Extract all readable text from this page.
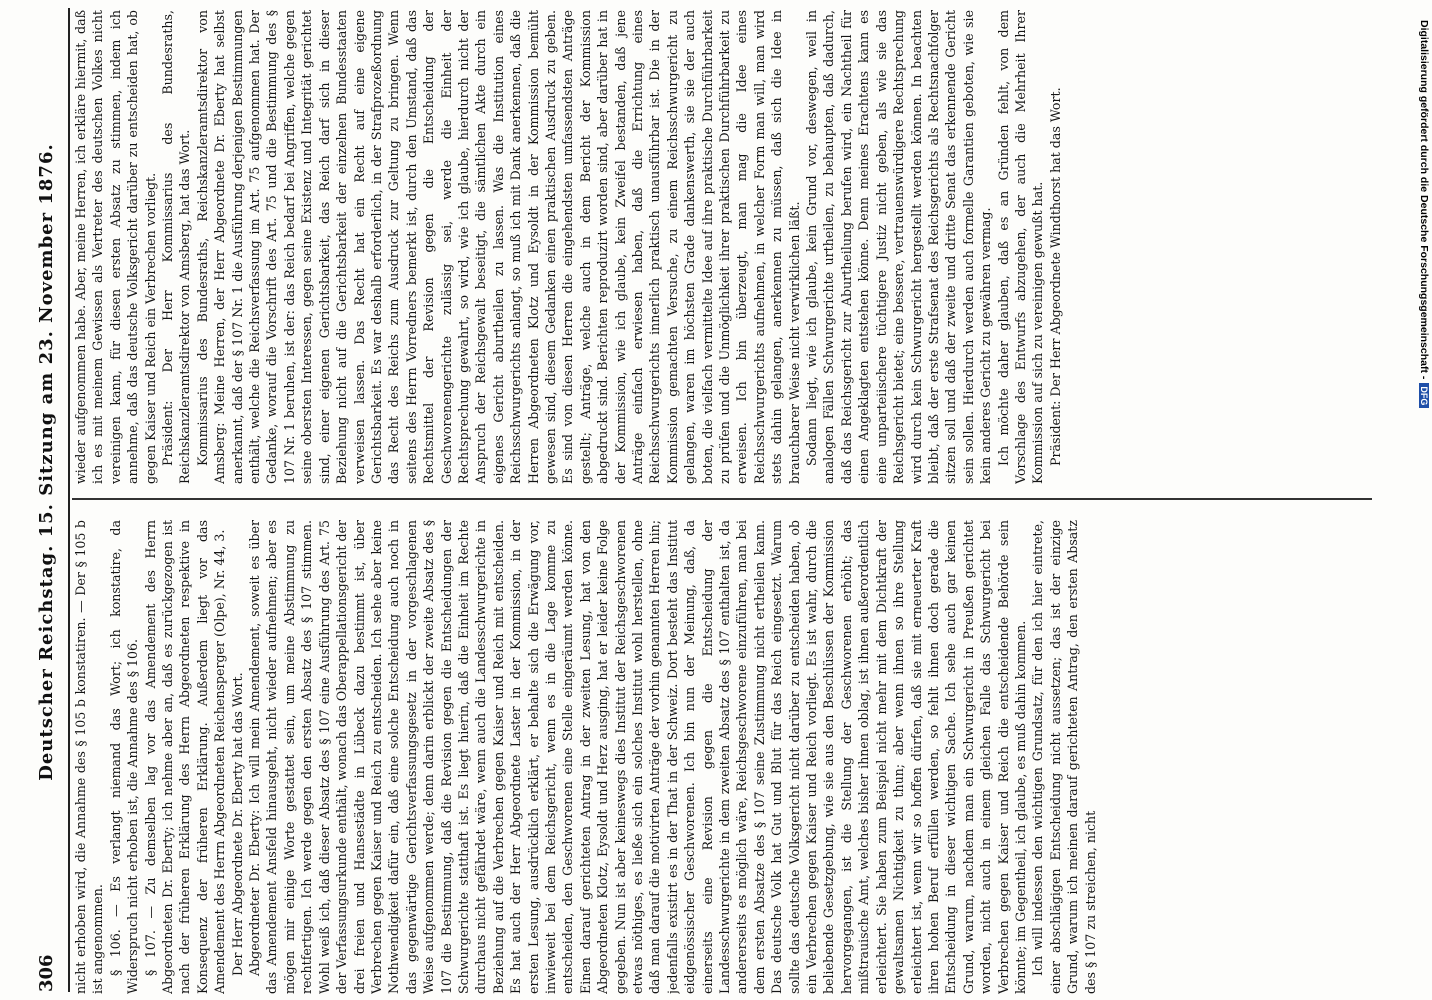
306
Deutscher Reichstag. 15. Sitzung am 23. November 1876. nicht erhoben wird, die Annahme des § 105 b konstatiren. — Der § 105 b ist angenommen. § 106. — Es verlangt niemand das Wort; ich konstatire, da Widerspruch nicht erhoben ist, die Annahme des § 106. § 107. — Zu demselben lag vor das Amendement des Herrn Abgeordneten Dr. Eberty; ich nehme aber an, daß es zurückgezogen ist nach der früheren Erklärung des Herrn Abgeordneten respektive in Konsequenz der früheren Erklärung. Außerdem liegt vor das Amendement des Herrn Abgeordneten Reichensperger (Olpe), Nr. 44, 3. Der Herr Abgeordnete Dr. Eberty hat das Wort. Abgeordneter Dr. Eberty: Ich will mein Amendement, soweit es über das Amendement Ansfeld hinausgeht, nicht wieder aufnehmen; aber es mögen mir einige Worte gestattet sein, um meine Abstimmung zu rechtfertigen. Ich werde gegen den ersten Absatz des § 107 stimmen. Wohl weiß ich, daß dieser Absatz des § 107 eine Ausführung des Art. 75 der Verfassungsurkunde enthält, wonach das Oberappellationsgericht der drei freien und Hansestädte in Lübeck dazu bestimmt ist, über Verbrechen gegen Kaiser und Reich zu entscheiden. Ich sehe aber keine Nothwendigkeit dafür ein, daß eine solche Entscheidung auch noch in das gegenwärtige Gerichtsverfassungsgesetz in der vorgeschlagenen Weise aufgenommen werde; denn darin erblickt der zweite Absatz des § 107 die Bestimmung, daß die Revision gegen die Entscheidungen der Schwurgerichte statthaft ist. Es liegt hierin, daß die Einheit im Rechte durchaus nicht gefährdet wäre, wenn auch die Landesschwurgerichte in Beziehung auf die Verbrechen gegen Kaiser und Reich mit entscheiden. Es hat auch der Herr Abgeordnete Laster in der Kommission, in der ersten Lesung, ausdrücklich erklärt, er behalte sich die Erwägung vor, inwieweit bei dem Reichsgericht, wenn es in die Lage komme zu entscheiden, den Geschworenen eine Stelle eingeräumt werden könne. Einen darauf gerichteten Antrag in der zweiten Lesung, hat von den Abgeordneten Klotz, Eysoldt und Herz ausging, hat er leider keine Folge gegeben. Nun ist aber keineswegs dies Institut der Reichsgeschworenen etwas nöthiges, es ließe sich ein solches Institut wohl herstellen, ohne daß man darauf die motivirten Anträge der vorhin genannten Herren hin; jedenfalls existirt es in der That in der Schweiz. Dort besteht das Institut eidgenössischer Geschworenen. Ich bin nun der Meinung, daß, da einerseits eine Revision gegen die Entscheidung der Landesschwurgerichte in dem zweiten Absatz des § 107 enthalten ist, da andererseits es möglich wäre, Reichsgeschworene einzuführen, man bei dem ersten Absatze des § 107 seine Zustimmung nicht ertheilen kann. Das deutsche Volk hat Gut und Blut für das Reich eingesetzt. Warum sollte das deutsche Volksgericht nicht darüber zu entscheiden haben, ob ein Verbrechen gegen Kaiser und Reich vorliegt. Es ist wahr, durch die beliebende Gesetzgebung, wie sie aus den Beschlüssen der Kommission hervorgegangen, ist die Stellung der Geschworenen erhöht; das mißtrauische Amt, welches bisher ihnen oblag, ist ihnen außerordentlich erleichtert. Sie haben zum Beispiel nicht mehr mit dem Dichtkraft der gewaltsamen Nichtigkeit zu thun; aber wenn ihnen so ihre Stellung erleichtert ist, wenn wir so hoffen dürfen, daß sie mit erneuerter Kraft ihren hohen Beruf erfüllen werden, so fehlt ihnen doch gerade die Entscheidung in dieser wichtigen Sache. Ich sehe auch gar keinen Grund, warum, nachdem man ein Schwurgericht in Preußen gerichtet worden, nicht auch in einem gleichen Falle das Schwurgericht bei Verbrechen gegen Kaiser und Reich die entscheidende Behörde sein könnte; im Gegentheil, ich glaube, es muß dahin kommen. Ich will indessen den wichtigen Grundsatz, für den ich hier eintrete, einer abschlägigen Entscheidung nicht aussetzen; das ist der einzige Grund, warum ich meinen darauf gerichteten Antrag, den ersten Absatz des § 107 zu streichen, nicht

wieder aufgenommen habe. Aber, meine Herren, ich erkläre hiermit, daß ich es mit meinem Gewissen als Vertreter des deutschen Volkes nicht vereinigen kann, für diesen ersten Absatz zu stimmen, indem ich annehme, daß das deutsche Volksgericht darüber zu entscheiden hat, ob gegen Kaiser und Reich ein Verbrechen vorliegt. Präsident: Der Herr Kommissarius des Bundesraths, Reichskanzleramtsdirektor von Amsberg, hat das Wort. Kommissarius des Bundesraths, Reichskanzleramtsdirektor von Amsberg: Meine Herren, der Herr Abgeordnete Dr. Eberty hat selbst anerkannt, daß der § 107 Nr. 1 die Ausführung derjenigen Bestimmungen enthält, welche die Reichsverfassung im Art. 75 aufgenommen hat. Der Gedanke, worauf die Vorschrift des Art. 75 und die Bestimmung des § 107 Nr. 1 beruhen, ist der: das Reich bedarf bei Angriffen, welche gegen seine obersten Interessen, gegen seine Existenz und Integrität gerichtet sind, einer eigenen Gerichtsbarkeit, das Reich darf sich in dieser Beziehung nicht auf die Gerichtsbarkeit der einzelnen Bundesstaaten verweisen lassen. Das Recht hat ein Recht auf eine eigene Gerichtsbarkeit. Es war deshalb erforderlich, in der Strafprozeßordnung das Recht des Reichs zum Ausdruck zur Geltung zu bringen. Wenn seitens des Herrn Vorredners bemerkt ist, durch den Umstand, daß das Rechtsmittel der Revision gegen die Entscheidung der Geschworenengerichte zulässig sei, werde die Einheit der Rechtsprechung gewahrt, so wird, wie ich glaube, hierdurch nicht der Anspruch der Reichsgewalt beseitigt, die sämtlichen Akte durch ein eigenes Gericht aburtheilen zu lassen. Was die Institution eines Reichsschwurgerichts anlangt, so muß ich mit Dank anerkennen, daß die Herren Abgeordneten Klotz und Eysoldt in der Kommission bemüht gewesen sind, diesem Gedanken einen praktischen Ausdruck zu geben. Es sind von diesen Herren die eingehendsten umfassendsten Anträge gestellt; Anträge, welche auch in dem Bericht der Kommission abgedruckt sind. Berichten reproduzirt worden sind, aber darüber hat in der Kommission, wie ich glaube, kein Zweifel bestanden, daß jene Anträge einfach erwiesen haben, daß die Errichtung eines Reichsschwurgerichts innerlich praktisch unausführbar ist. Die in der Kommission gemachten Versuche, zu einem Reichsschwurgericht zu gelangen, waren im höchsten Grade dankenswerth, sie sie der auch boten, die vielfach vermittelte Idee auf ihre praktische Durchführbarkeit zu prüfen und die Unmöglichkeit ihrer praktischen Durchführbarkeit zu erweisen. Ich bin überzeugt, man mag die Idee eines Reichsschwurgerichts aufnehmen, in welcher Form man will, man wird stets dahin gelangen, anerkennen zu müssen, daß sich die Idee in brauchbarer Weise nicht verwirklichen läßt. Sodann liegt, wie ich glaube, kein Grund vor, deswegen, weil in analogen Fällen Schwurgerichte urtheilen, zu behaupten, daß dadurch, daß das Reichsgericht zur Aburtheilung berufen wird, ein Nachtheil für einen Angeklagten entstehen könne. Denn meines Erachtens kann es eine unparteiischere tüchtigere Justiz nicht geben, als wie sie das Reichsgericht bietet; eine bessere, vertrauenswürdigere Rechtsprechung wird durch kein Schwurgericht hergestellt werden können. In beachten bleibt, daß der erste Strafsenat des Reichsgerichts als Rechtsnachfolger sitzen soll und daß der zweite und dritte Senat das erkennende Gericht sein sollen. Hierdurch werden auch formelle Garantien geboten, wie sie kein anderes Gericht zu gewähren vermag. Ich möchte daher glauben, daß es an Gründen fehlt, von dem Vorschlage des Entwurfs abzugehen, der auch die Mehrheit Ihrer Kommission auf sich zu vereinigen gewußt hat. Präsident: Der Herr Abgeordnete Windthorst hat das Wort.	Digitalisierung gefördert durch die Deutsche Forschungsgemeinschaft -DFG
